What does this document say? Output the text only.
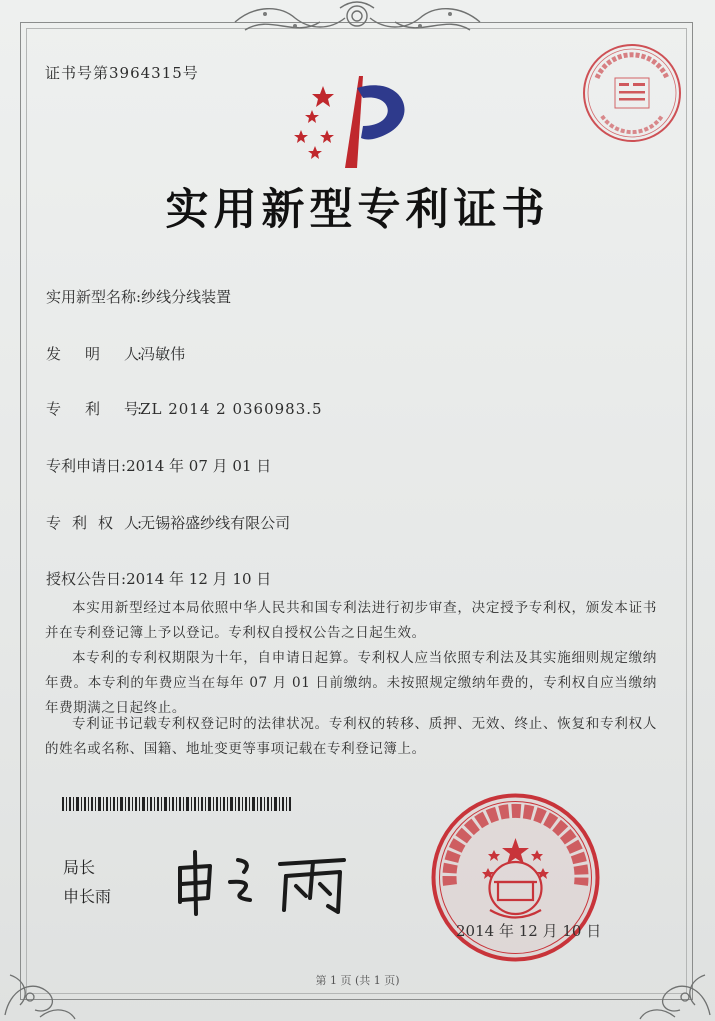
证书号第3964315号
实用新型专利证书
实用新型名称:纱线分线装置
发　　明　　人:冯敏伟
专　　利　　号:ZL 2014 2 0360983.5
专利申请日:2014 年 07 月 01 日
专　利　权　人:无锡裕盛纱线有限公司
授权公告日:2014 年 12 月 10 日
本实用新型经过本局依照中华人民共和国专利法进行初步审查，决定授予专利权，颁发本证书并在专利登记簿上予以登记。专利权自授权公告之日起生效。
本专利的专利权期限为十年，自申请日起算。专利权人应当依照专利法及其实施细则规定缴纳年费。本专利的年费应当在每年 07 月 01 日前缴纳。未按照规定缴纳年费的，专利权自应当缴纳年费期满之日起终止。
专利证书记载专利权登记时的法律状况。专利权的转移、质押、无效、终止、恢复和专利权人的姓名或名称、国籍、地址变更等事项记载在专利登记簿上。
局长
申长雨
2014 年 12 月 10 日
第 1 页 (共 1 页)
